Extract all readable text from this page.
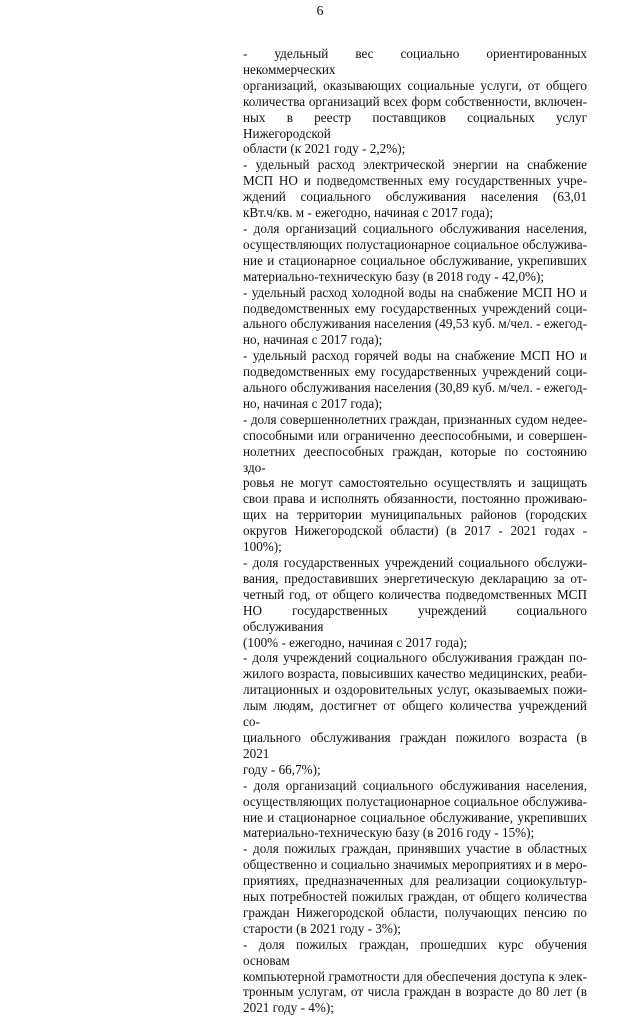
6

- удельный вес социально ориентированных некоммерческих
организаций, оказывающих социальные услуги, от общего
количества организаций всех форм собственности, включен-
ных в реестр поставщиков социальных услуг Нижегородской
области (к 2021 году - 2,2%);

- удельный расход электрической энергии на снабжение
МСП НО и подведомственных ему государственных учре-
ждений социального обслуживания населения (63,01
кВт.ч/кв. м - ежегодно, начиная с 2017 года);

- доля организаций социального обслуживания населения,
осуществляющих полустационарное социальное обслужива-
ние и стационарное социальное обслуживание, укрепивших
материально-техническую базу (в 2018 году - 42,0%);

- удельный расход холодной воды на снабжение МСП НО и
подведомственных ему государственных учреждений соци-
ального обслуживания населения (49,53 куб. м/чел. - ежегод-
но, начиная с 2017 года);

- удельный расход горячей воды на снабжение МСП НО и
подведомственных ему государственных учреждений соци-
ального обслуживания населения (30,89 куб. м/чел. - ежегод-
но, начиная с 2017 года);

- доля совершеннолетних граждан, признанных судом недее-
способными или ограниченно дееспособными, и совершен-
нолетних дееспособных граждан, которые по состоянию здо-
ровья не могут самостоятельно осуществлять и защищать
свои права и исполнять обязанности, постоянно проживаю-
щих на территории муниципальных районов (городских
округов Нижегородской области) (в 2017 - 2021 годах -
100%);

- доля государственных учреждений социального обслужи-
вания, предоставивших энергетическую декларацию за от-
четный год, от общего количества подведомственных МСП
НО государственных учреждений социального обслуживания
(100% - ежегодно, начиная с 2017 года);

- доля учреждений социального обслуживания граждан по-
жилого возраста, повысивших качество медицинских, реаби-
литационных и оздоровительных услуг, оказываемых пожи-
лым людям, достигнет от общего количества учреждений со-
циального обслуживания граждан пожилого возраста (в 2021
году - 66,7%);

- доля организаций социального обслуживания населения,
осуществляющих полустационарное социальное обслужива-
ние и стационарное социальное обслуживание, укрепивших
материально-техническую базу (в 2016 году - 15%);

- доля пожилых граждан, принявших участие в областных
общественно и социально значимых мероприятиях и в меро-
приятиях, предназначенных для реализации социокультур-
ных потребностей пожилых граждан, от общего количества
граждан Нижегородской области, получающих пенсию по
старости (в 2021 году - 3%);

- доля пожилых граждан, прошедших курс обучения основам
компьютерной грамотности для обеспечения доступа к элек-
тронным услугам, от числа граждан в возрасте до 80 лет (в
2021 году - 4%);
